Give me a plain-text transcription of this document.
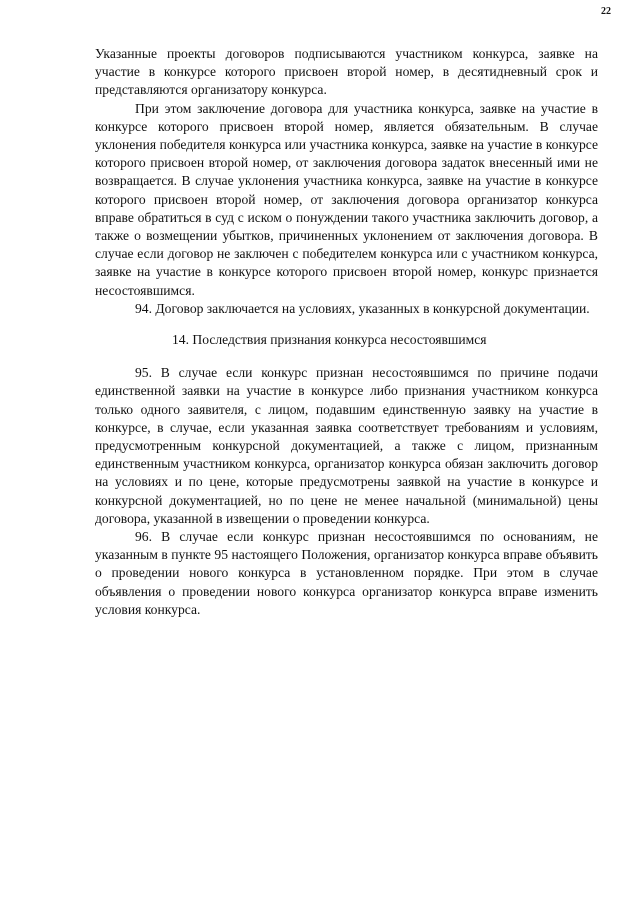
22

Указанные проекты договоров подписываются участником конкурса, заявке на участие в конкурсе которого присвоен второй номер, в десятидневный срок и представляются организатору конкурса.

При этом заключение договора для участника конкурса, заявке на участие в конкурсе которого присвоен второй номер, является обязательным. В случае уклонения победителя конкурса или участника конкурса, заявке на участие в конкурсе которого присвоен второй номер, от заключения договора задаток внесенный ими не возвращается. В случае уклонения участника конкурса, заявке на участие в конкурсе которого присвоен второй номер, от заключения договора организатор конкурса вправе обратиться в суд с иском о понуждении такого участника заключить договор, а также о возмещении убытков, причиненных уклонением от заключения договора. В случае если договор не заключен с победителем конкурса или с участником конкурса, заявке на участие в конкурсе которого присвоен второй номер, конкурс признается несостоявшимся.

94. Договор заключается на условиях, указанных в конкурсной документации.

14. Последствия признания конкурса несостоявшимся

95. В случае если конкурс признан несостоявшимся по причине подачи единственной заявки на участие в конкурсе либо признания участником конкурса только одного заявителя, с лицом, подавшим единственную заявку на участие в конкурсе, в случае, если указанная заявка соответствует требованиям и условиям, предусмотренным конкурсной документацией, а также с лицом, признанным единственным участником конкурса, организатор конкурса обязан заключить договор на условиях и по цене, которые предусмотрены заявкой на участие в конкурсе и конкурсной документацией, но по цене не менее начальной (минимальной) цены договора, указанной в извещении о проведении конкурса.

96. В случае если конкурс признан несостоявшимся по основаниям, не указанным в пункте 95 настоящего Положения, организатор конкурса вправе объявить о проведении нового конкурса в установленном порядке. При этом в случае объявления о проведении нового конкурса организатор конкурса вправе изменить условия конкурса.
